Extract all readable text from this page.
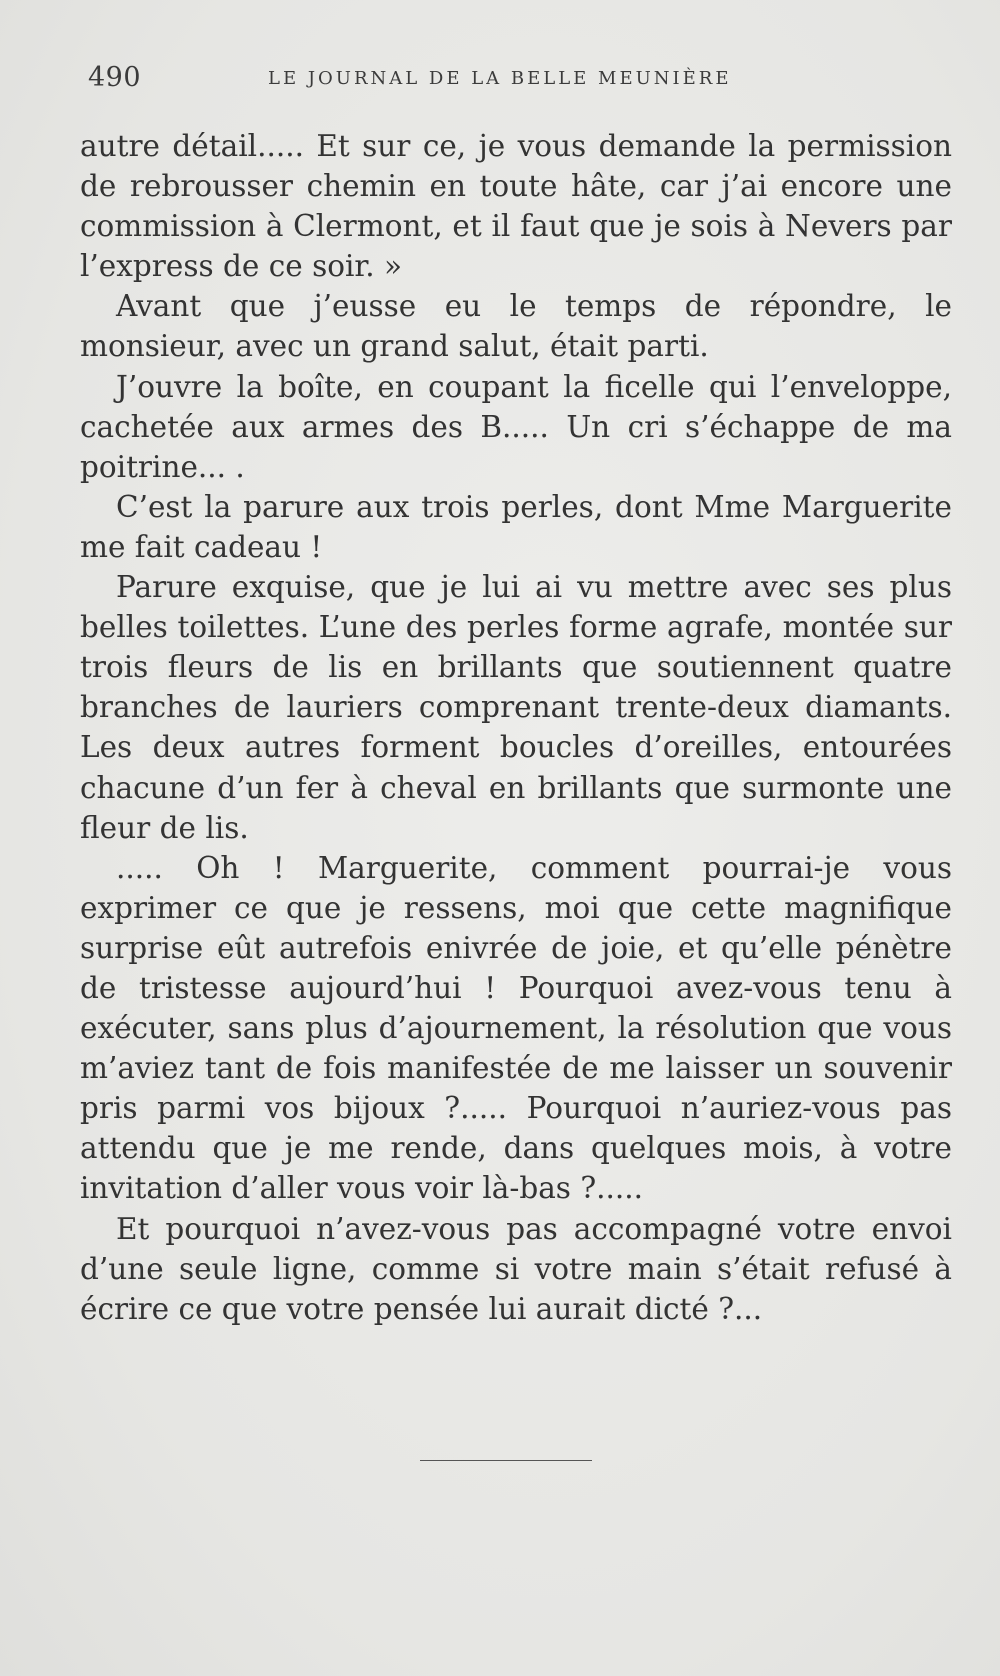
490	LE JOURNAL DE LA BELLE MEUNIÈRE

autre détail..... Et sur ce, je vous demande la permission de rebrousser chemin en toute hâte, car j’ai encore une commission à Clermont, et il faut que je sois à Nevers par l’express de ce soir. »

Avant que j’eusse eu le temps de répondre, le monsieur, avec un grand salut, était parti.

J’ouvre la boîte, en coupant la ficelle qui l’enveloppe, cachetée aux armes des B..... Un cri s’échappe de ma poitrine... .

C’est la parure aux trois perles, dont Mme Marguerite me fait cadeau !

Parure exquise, que je lui ai vu mettre avec ses plus belles toilettes. L’une des perles forme agrafe, montée sur trois fleurs de lis en brillants que soutiennent quatre branches de lauriers comprenant trente-deux diamants. Les deux autres forment boucles d’oreilles, entourées chacune d’un fer à cheval en brillants que surmonte une fleur de lis.

..... Oh ! Marguerite, comment pourrai-je vous exprimer ce que je ressens, moi que cette magnifique surprise eût autrefois enivrée de joie, et qu’elle pénètre de tristesse aujourd’hui ! Pourquoi avez-vous tenu à exécuter, sans plus d’ajournement, la résolution que vous m’aviez tant de fois manifestée de me laisser un souvenir pris parmi vos bijoux ?..... Pourquoi n’auriez-vous pas attendu que je me rende, dans quelques mois, à votre invitation d’aller vous voir là-bas ?.....

Et pourquoi n’avez-vous pas accompagné votre envoi d’une seule ligne, comme si votre main s’était refusé à écrire ce que votre pensée lui aurait dicté ?...
